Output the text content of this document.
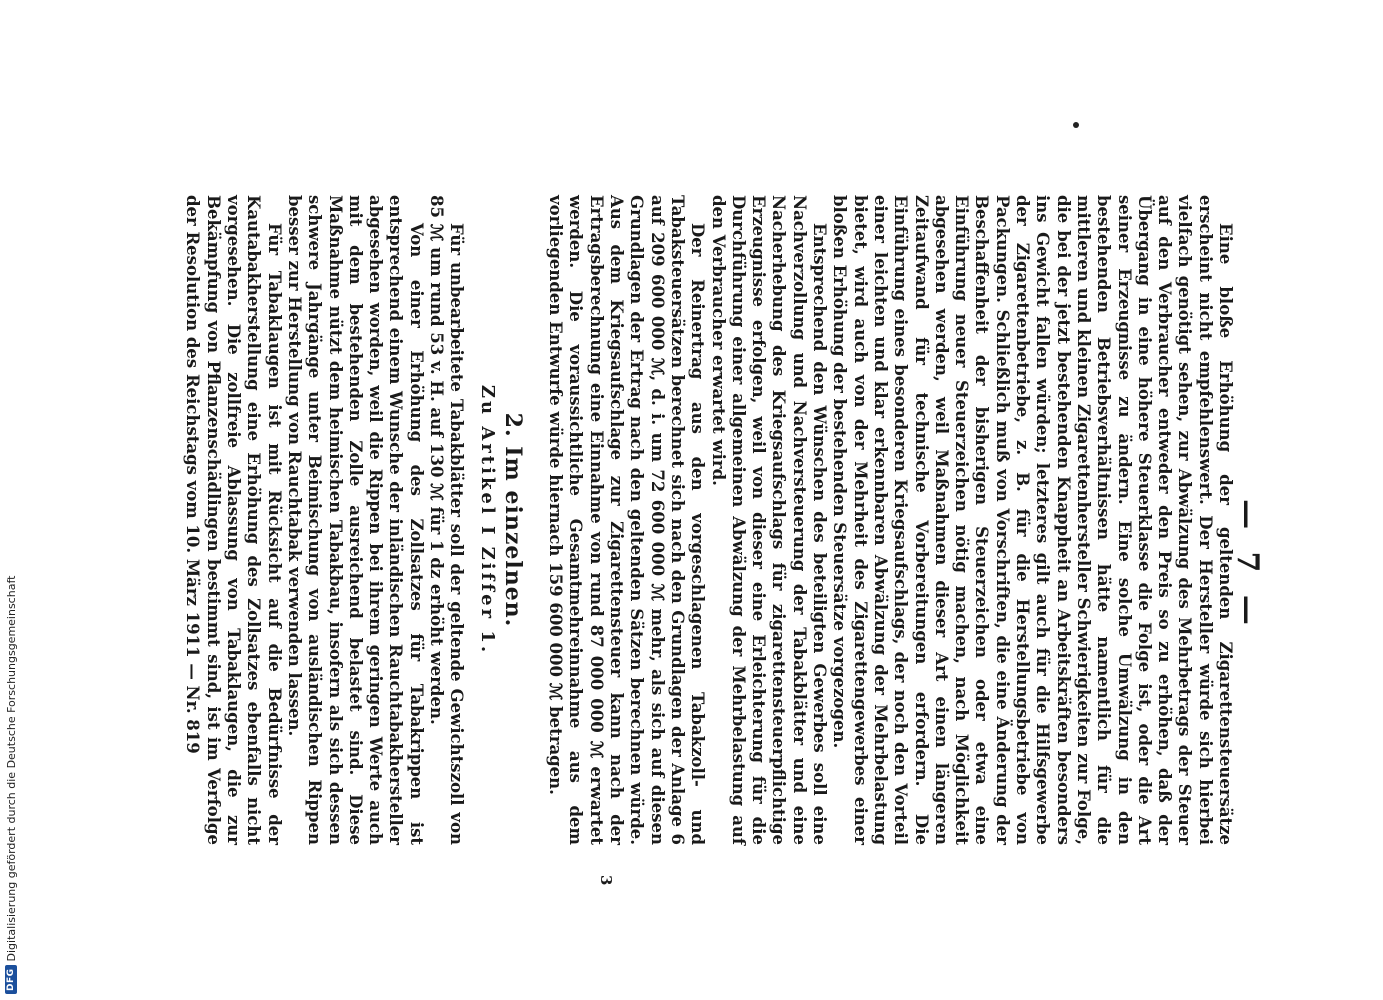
— 7 —

Eine bloße Erhöhung der geltenden Zigarettensteuersätze erscheint nicht empfehlenswert. Der Hersteller würde sich hierbei vielfach genötigt sehen, zur Abwälzung des Mehrbetrags der Steuer auf den Verbraucher entweder den Preis so zu erhöhen, daß der Übergang in eine höhere Steuerklasse die Folge ist, oder die Art seiner Erzeugnisse zu ändern. Eine solche Umwälzung in den bestehenden Betriebsverhältnissen hätte namentlich für die mittleren und kleinen Zigarettenhersteller Schwierigkeiten zur Folge, die bei der jetzt bestehenden Knappheit an Arbeitskräften besonders ins Gewicht fallen würden; letzteres gilt auch für die Hilfsgewerbe der Zigarettenbetriebe, z. B. für die Herstellungsbetriebe von Packungen. Schließlich muß von Vorschriften, die eine Änderung der Beschaffenheit der bisherigen Steuerzeichen oder etwa eine Einführung neuer Steuerzeichen nötig machen, nach Möglichkeit abgesehen werden, weil Maßnahmen dieser Art einen längeren Zeitaufwand für technische Vorbereitungen erfordern. Die Einführung eines besonderen Kriegsaufschlags, der noch den Vorteil einer leichten und klar erkennbaren Abwälzung der Mehrbelastung bietet, wird auch von der Mehrheit des Zigarettengewerbes einer bloßen Erhöhung der bestehenden Steuersätze vorgezogen.

Entsprechend den Wünschen des beteiligten Gewerbes soll eine Nachverzollung und Nachversteuerung der Tabakblätter und eine Nacherhebung des Kriegsaufschlags für zigarettensteuerpflichtige Erzeugnisse erfolgen, weil von dieser eine Erleichterung für die Durchführung einer allgemeinen Abwälzung der Mehrbelastung auf den Verbraucher erwartet wird.

Der Reinertrag aus den vorgeschlagenen Tabakzoll- und Tabaksteuersätzen berechnet sich nach den Grundlagen der Anlage 6 auf 209 600 000 ℳ, d. i. um 72 600 000 ℳ mehr, als sich auf diesen Grundlagen der Ertrag nach den geltenden Sätzen berechnen würde. Aus dem Kriegsaufschlage zur Zigarettensteuer kann nach der Ertragsberechnung eine Einnahme von rund 87 000 000 ℳ erwartet werden. Die voraussichtliche Gesamtmehreinnahme aus dem vorliegenden Entwurfe würde hiernach 159 600 000 ℳ betragen.

2. Im einzelnen.
Zu Artikel I Ziffer 1.

Für unbearbeitete Tabakblätter soll der geltende Gewichtszoll von 85 ℳ um rund 53 v. H. auf 130 ℳ für 1 dz erhöht werden.

Von einer Erhöhung des Zollsatzes für Tabakrippen ist entsprechend einem Wunsche der inländischen Rauchtabakhersteller abgesehen worden, weil die Rippen bei ihrem geringen Werte auch mit dem bestehenden Zolle ausreichend belastet sind. Diese Maßnahme nützt dem heimischen Tabakbau, insofern als sich dessen schwere Jahrgänge unter Beimischung von ausländischen Rippen besser zur Herstellung von Rauchtabak verwenden lassen.

Für Tabaklaugen ist mit Rücksicht auf die Bedürfnisse der Kautabakherstellung eine Erhöhung des Zollsatzes ebenfalls nicht vorgesehen. Die zollfreie Ablassung von Tabaklaugen, die zur Bekämpfung von Pflanzenschädlingen bestimmt sind, ist im Verfolge der Resolution des Reichstags vom 10. März 1911 — Nr. 819

3
DFG
Digitalisierung gefördert durch die Deutsche Forschungsgemeinschaft
